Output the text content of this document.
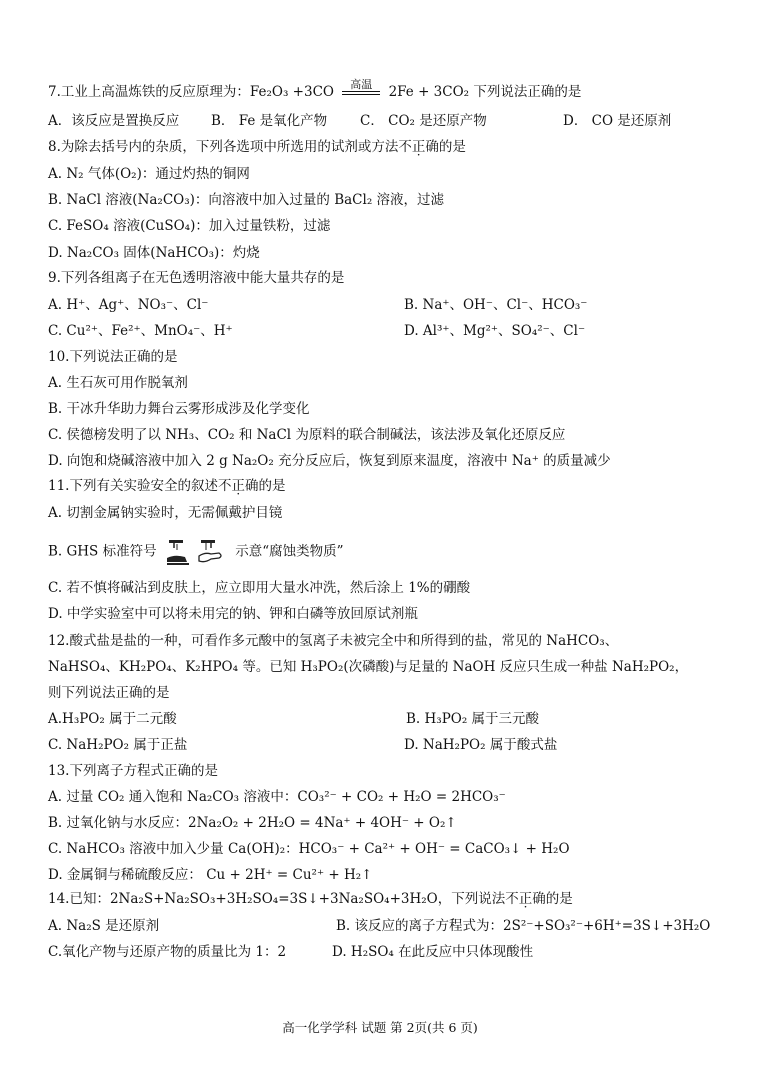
7.工业上高温炼铁的反应原理为：Fe₂O₃ +3CO	高温	2Fe + 3CO₂ 下列说法正确的是
A．该反应是置换反应 B． Fe 是氧化产物 C． CO₂ 是还原产物	D． CO 是还原剂
8.为除去括号内的杂质，下列各选项中所选用的试剂或方法不正确的是
A. N₂ 气体(O₂)：通过灼热的铜网
B. NaCl 溶液(Na₂CO₃)：向溶液中加入过量的 BaCl₂ 溶液，过滤
C. FeSO₄ 溶液(CuSO₄)：加入过量铁粉，过滤
D. Na₂CO₃ 固体(NaHCO₃)：灼烧
9.下列各组离子在无色透明溶液中能大量共存的是
A. H⁺、Ag⁺、NO₃⁻、Cl⁻	B. Na⁺、OH⁻、Cl⁻、HCO₃⁻
C. Cu²⁺、Fe²⁺、MnO₄⁻、H⁺	D. Al³⁺、Mg²⁺、SO₄²⁻、Cl⁻
10.下列说法正确的是
A. 生石灰可用作脱氧剂
B. 干冰升华助力舞台云雾形成涉及化学变化
C. 侯德榜发明了以 NH₃、CO₂ 和 NaCl 为原料的联合制碱法，该法涉及氧化还原反应
D. 向饱和烧碱溶液中加入 2 g Na₂O₂ 充分反应后，恢复到原来温度，溶液中 Na⁺ 的质量减少
11.下列有关实验安全的叙述不正确的是
A. 切割金属钠实验时，无需佩戴护目镜
B. GHS 标准符号	示意“腐蚀类物质”
C. 若不慎将碱沾到皮肤上，应立即用大量水冲洗，然后涂上 1%的硼酸
D. 中学实验室中可以将未用完的钠、钾和白磷等放回原试剂瓶
12.酸式盐是盐的一种，可看作多元酸中的氢离子未被完全中和所得到的盐，常见的 NaHCO₃、
NaHSO₄、KH₂PO₄、K₂HPO₄ 等。已知 H₃PO₂(次磷酸)与足量的 NaOH 反应只生成一种盐 NaH₂PO₂，
则下列说法正确的是
A.H₃PO₂ 属于二元酸	B. H₃PO₂ 属于三元酸
C. NaH₂PO₂ 属于正盐	D. NaH₂PO₂ 属于酸式盐
13.下列离子方程式正确的是
A. 过量 CO₂ 通入饱和 Na₂CO₃ 溶液中：CO₃²⁻ + CO₂ + H₂O = 2HCO₃⁻
B. 过氧化钠与水反应：2Na₂O₂ + 2H₂O = 4Na⁺ + 4OH⁻ + O₂↑
C. NaHCO₃ 溶液中加入少量 Ca(OH)₂：HCO₃⁻ + Ca²⁺ + OH⁻ = CaCO₃↓ + H₂O
D. 金属铜与稀硫酸反应： Cu + 2H⁺ = Cu²⁺ + H₂↑
14.已知：2Na₂S+Na₂SO₃+3H₂SO₄=3S↓+3Na₂SO₄+3H₂O，下列说法不正确的是
A. Na₂S 是还原剂	B. 该反应的离子方程式为：2S²⁻+SO₃²⁻+6H⁺=3S↓+3H₂O
C.氧化产物与还原产物的质量比为 1：2	D. H₂SO₄ 在此反应中只体现酸性
高一化学学科 试题 第 2页(共 6 页)
